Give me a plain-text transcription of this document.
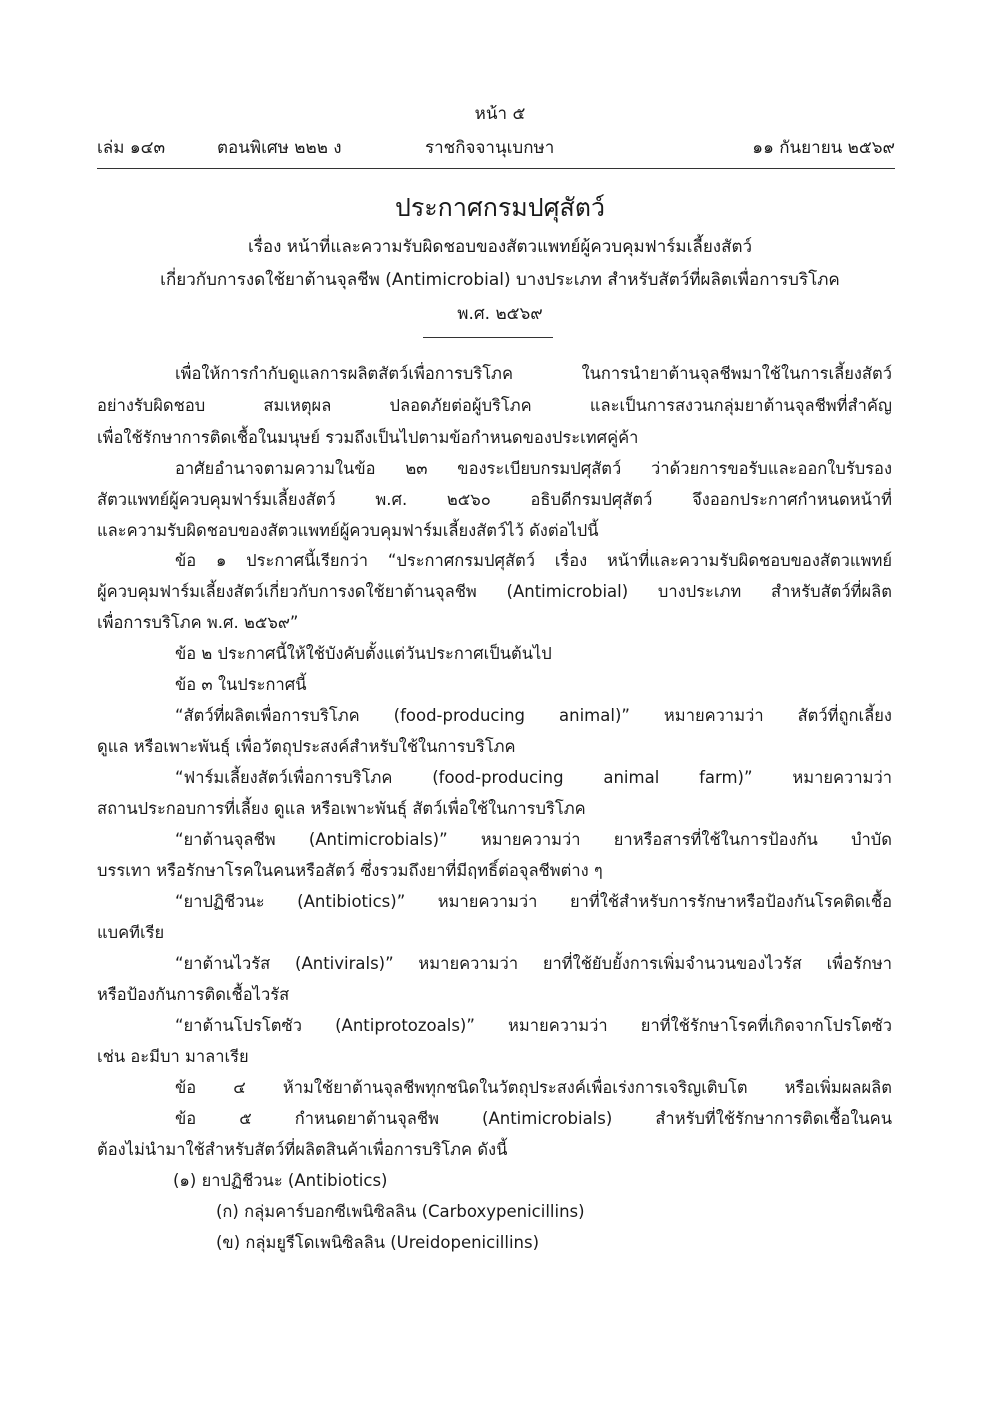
หน้า ๕
เล่ม ๑๔๓	ตอนพิเศษ ๒๒๒ ง	ราชกิจจานุเบกษา	๑๑ กันยายน ๒๕๖๙
ประกาศกรมปศุสัตว์
เรื่อง หน้าที่และความรับผิดชอบของสัตวแพทย์ผู้ควบคุมฟาร์มเลี้ยงสัตว์
เกี่ยวกับการงดใช้ยาต้านจุลชีพ (Antimicrobial) บางประเภท สำหรับสัตว์ที่ผลิตเพื่อการบริโภค
พ.ศ. ๒๕๖๙
เพื่อให้การกำกับดูแลการผลิตสัตว์เพื่อการบริโภค ในการนำยาต้านจุลชีพมาใช้ในการเลี้ยงสัตว์
อย่างรับผิดชอบ สมเหตุผล ปลอดภัยต่อผู้บริโภค และเป็นการสงวนกลุ่มยาต้านจุลชีพที่สำคัญ
เพื่อใช้รักษาการติดเชื้อในมนุษย์ รวมถึงเป็นไปตามข้อกำหนดของประเทศคู่ค้า
อาศัยอำนาจตามความในข้อ ๒๓ ของระเบียบกรมปศุสัตว์ ว่าด้วยการขอรับและออกใบรับรอง
สัตวแพทย์ผู้ควบคุมฟาร์มเลี้ยงสัตว์ พ.ศ. ๒๕๖๐ อธิบดีกรมปศุสัตว์ จึงออกประกาศกำหนดหน้าที่
และความรับผิดชอบของสัตวแพทย์ผู้ควบคุมฟาร์มเลี้ยงสัตว์ไว้ ดังต่อไปนี้
ข้อ ๑ ประกาศนี้เรียกว่า “ประกาศกรมปศุสัตว์ เรื่อง หน้าที่และความรับผิดชอบของสัตวแพทย์
ผู้ควบคุมฟาร์มเลี้ยงสัตว์เกี่ยวกับการงดใช้ยาต้านจุลชีพ (Antimicrobial) บางประเภท สำหรับสัตว์ที่ผลิต
เพื่อการบริโภค พ.ศ. ๒๕๖๙”
ข้อ ๒ ประกาศนี้ให้ใช้บังคับตั้งแต่วันประกาศเป็นต้นไป
ข้อ ๓ ในประกาศนี้
“สัตว์ที่ผลิตเพื่อการบริโภค (food-producing animal)” หมายความว่า สัตว์ที่ถูกเลี้ยง
ดูแล หรือเพาะพันธุ์ เพื่อวัตถุประสงค์สำหรับใช้ในการบริโภค
“ฟาร์มเลี้ยงสัตว์เพื่อการบริโภค (food-producing animal farm)” หมายความว่า
สถานประกอบการที่เลี้ยง ดูแล หรือเพาะพันธุ์ สัตว์เพื่อใช้ในการบริโภค
“ยาต้านจุลชีพ (Antimicrobials)” หมายความว่า ยาหรือสารที่ใช้ในการป้องกัน บำบัด
บรรเทา หรือรักษาโรคในคนหรือสัตว์ ซึ่งรวมถึงยาที่มีฤทธิ์ต่อจุลชีพต่าง ๆ
“ยาปฏิชีวนะ (Antibiotics)” หมายความว่า ยาที่ใช้สำหรับการรักษาหรือป้องกันโรคติดเชื้อ
แบคทีเรีย
“ยาต้านไวรัส (Antivirals)” หมายความว่า ยาที่ใช้ยับยั้งการเพิ่มจำนวนของไวรัส เพื่อรักษา
หรือป้องกันการติดเชื้อไวรัส
“ยาต้านโปรโตซัว (Antiprotozoals)” หมายความว่า ยาที่ใช้รักษาโรคที่เกิดจากโปรโตซัว
เช่น อะมีบา มาลาเรีย
ข้อ ๔ ห้ามใช้ยาต้านจุลชีพทุกชนิดในวัตถุประสงค์เพื่อเร่งการเจริญเติบโต หรือเพิ่มผลผลิต
ข้อ ๕ กำหนดยาต้านจุลชีพ (Antimicrobials) สำหรับที่ใช้รักษาการติดเชื้อในคน
ต้องไม่นำมาใช้สำหรับสัตว์ที่ผลิตสินค้าเพื่อการบริโภค ดังนี้
(๑) ยาปฏิชีวนะ (Antibiotics)
(ก) กลุ่มคาร์บอกซีเพนิซิลลิน (Carboxypenicillins)
(ข) กลุ่มยูรีโดเพนิซิลลิน (Ureidopenicillins)
